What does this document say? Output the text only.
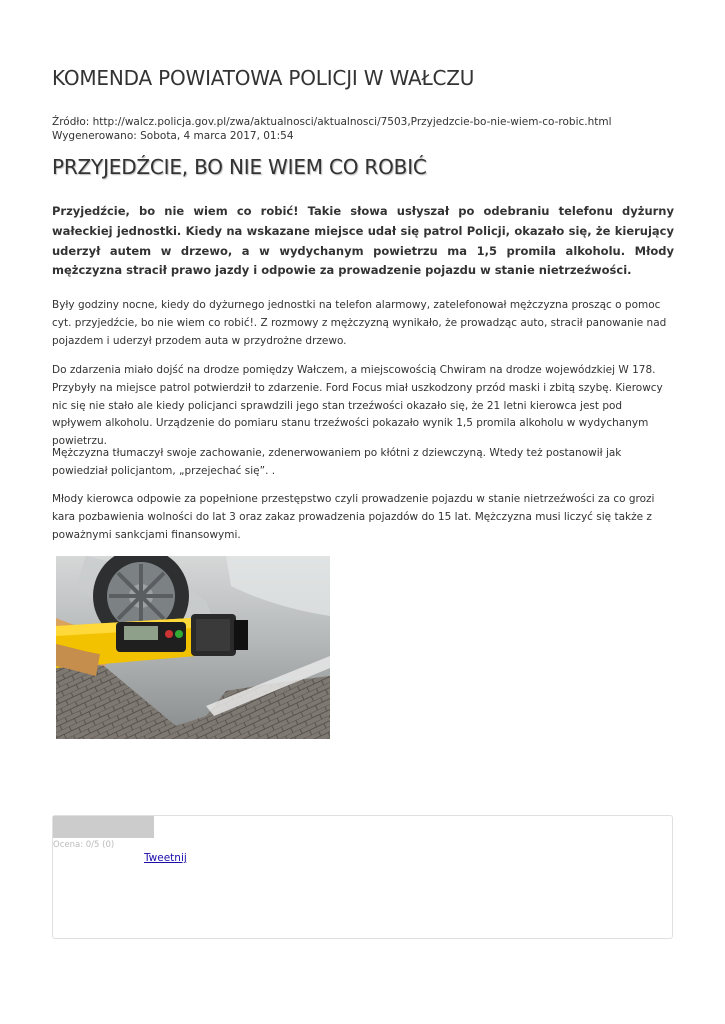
KOMENDA POWIATOWA POLICJI W WAŁCZU
Źródło: http://walcz.policja.gov.pl/zwa/aktualnosci/aktualnosci/7503,Przyjedzcie-bo-nie-wiem-co-robic.html
Wygenerowano: Sobota, 4 marca 2017, 01:54
PRZYJEDŹCIE, BO NIE WIEM CO ROBIĆ

Przyjedźcie, bo nie wiem co robić! Takie słowa usłyszał po odebraniu telefonu dyżurny wałeckiej jednostki. Kiedy na wskazane miejsce udał się patrol Policji, okazało się, że kierujący uderzył autem w drzewo, a w wydychanym powietrzu ma 1,5 promila alkoholu. Młody mężczyzna stracił prawo jazdy i odpowie za prowadzenie pojazdu w stanie nietrzeźwości.

Były godziny nocne, kiedy do dyżurnego jednostki na telefon alarmowy, zatelefonował mężczyzna prosząc o pomoc cyt. przyjedźcie, bo nie wiem co robić!. Z rozmowy z mężczyzną wynikało, że prowadząc auto, stracił panowanie nad pojazdem i uderzył przodem auta w przydrożne drzewo.

Do zdarzenia miało dojść na drodze pomiędzy Wałczem, a miejscowością Chwiram na drodze wojewódzkiej W 178. Przybyły na miejsce patrol potwierdził to zdarzenie. Ford Focus miał uszkodzony przód maski i zbitą szybę. Kierowcy nic się nie stało ale kiedy policjanci sprawdzili jego stan trzeźwości okazało się, że 21 letni kierowca jest pod wpływem alkoholu. Urządzenie do pomiaru stanu trzeźwości pokazało wynik 1,5 promila alkoholu w wydychanym powietrzu.

Mężczyzna tłumaczył swoje zachowanie, zdenerwowaniem po kłótni z dziewczyną. Wtedy też postanowił jak powiedział policjantom, „przejechać się”. .

Młody kierowca odpowie za popełnione przestępstwo czyli prowadzenie pojazdu w stanie nietrzeźwości za co grozi kara pozbawienia wolności do lat 3 oraz zakaz prowadzenia pojazdów do 15 lat. Mężczyzna musi liczyć się także z poważnymi sankcjami finansowymi.

Ocena: 0/5 (0)
Tweetnij
